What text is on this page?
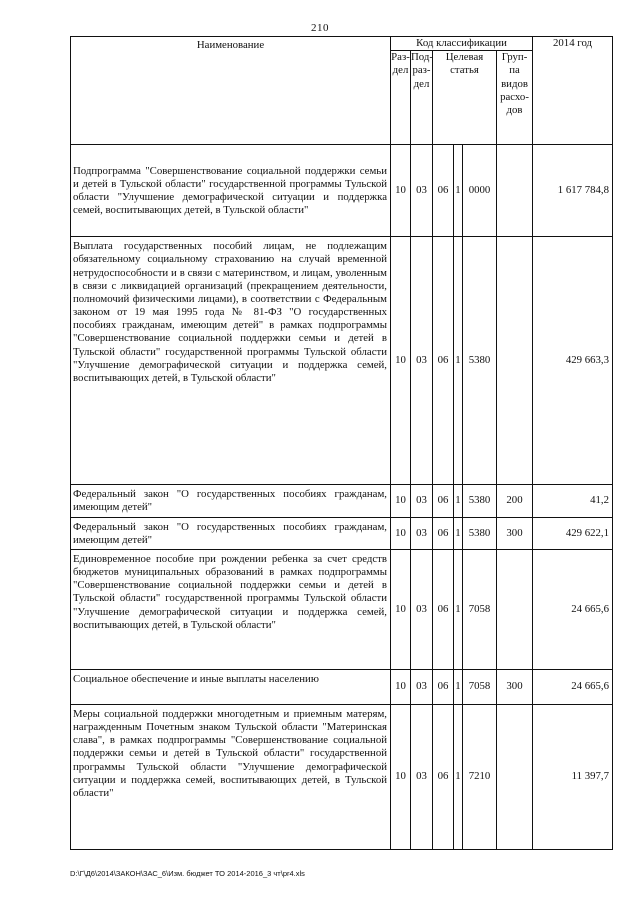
210
Наименование	Код классификации						2014 год
	Раз-дел	Под-раз-дел	Целевая статья			Груп-па видов расхо-дов	
Подпрограмма "Совершенствование социальной поддержки семьи и детей в Тульской области" государственной программы Тульской области "Улучшение демографической ситуации и поддержка семей, воспитывающих детей, в Тульской области"	10	03	06	1	0000		1 617 784,8
Выплата государственных пособий лицам, не подлежащим обязательному социальному страхованию на случай временной нетрудоспособности и в связи с материнством, и лицам, уволенным в связи с ликвидацией организаций (прекращением деятельности, полномочий физическими лицами), в соответствии с Федеральным законом от 19 мая 1995 года № 81-ФЗ "О государственных пособиях гражданам, имеющим детей" в рамках подпрограммы "Совершенствование социальной поддержки семьи и детей в Тульской области" государственной программы Тульской области "Улучшение демографической ситуации и поддержка семей, воспитывающих детей, в Тульской области"	10	03	06	1	5380		429 663,3
Федеральный закон "О государственных пособиях гражданам, имеющим детей"	10	03	06	1	5380	200	41,2
Федеральный закон "О государственных пособиях гражданам, имеющим детей"	10	03	06	1	5380	300	429 622,1
Единовременное пособие при рождении ребенка за счет средств бюджетов муниципальных образований в рамках подпрограммы "Совершенствование социальной поддержки семьи и детей в Тульской области" государственной программы Тульской области "Улучшение демографической ситуации и поддержка семей, воспитывающих детей, в Тульской области"	10	03	06	1	7058		24 665,6
Социальное обеспечение и иные выплаты населению	10	03	06	1	7058	300	24 665,6
Меры социальной поддержки многодетным и приемным матерям, награжденным Почетным знаком Тульской области "Материнская слава", в рамках подпрограммы "Совершенствование социальной поддержки семьи и детей в Тульской области" государственной программы Тульской области "Улучшение демографической ситуации и поддержка семей, воспитывающих детей, в Тульской области"	10	03	06	1	7210		11 397,7
D:\Г\Д6\2014\ЗАКОН\ЗАС_6\Изм. бюджет ТО 2014-2016_3 чт\pr4.xls
